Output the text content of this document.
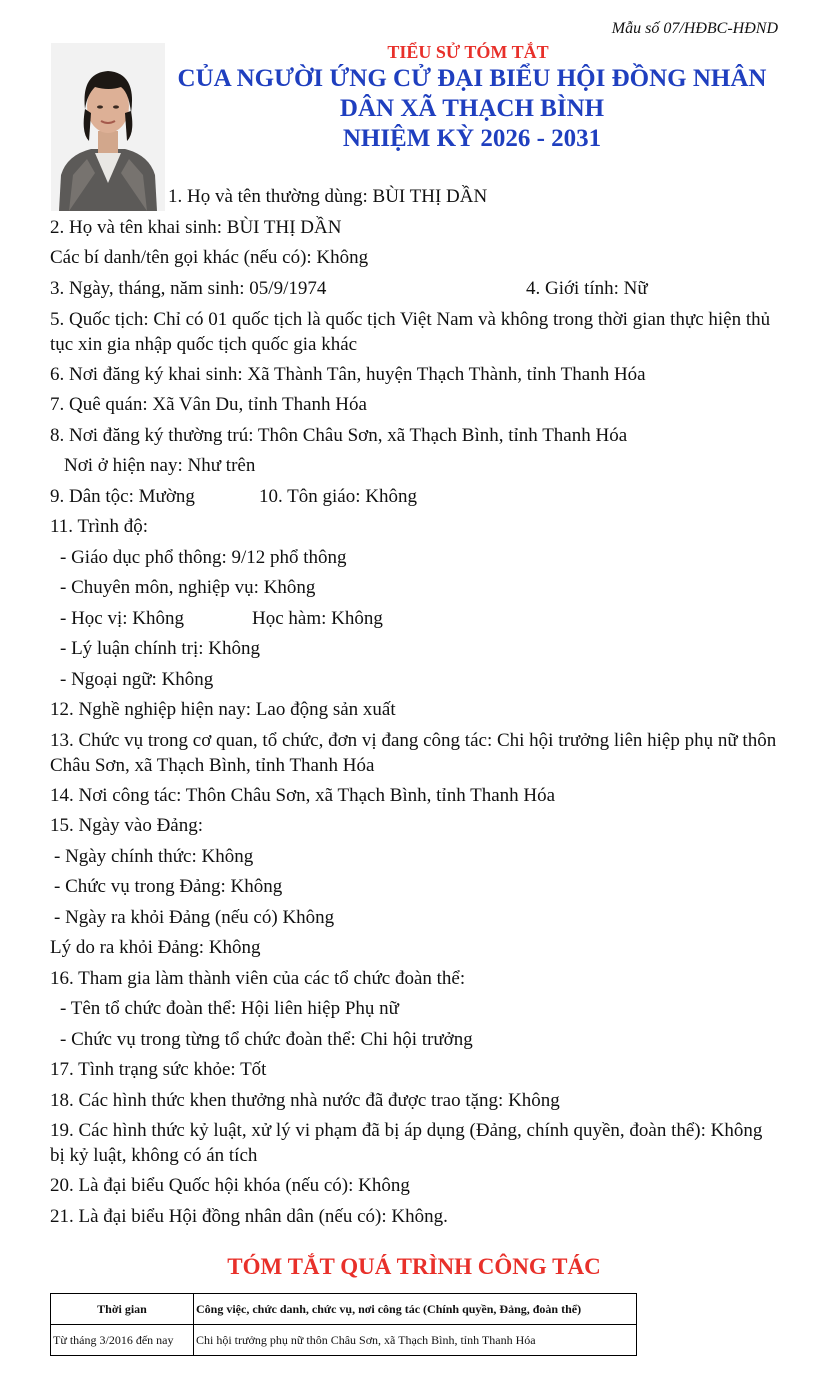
Mẫu số 07/HĐBC-HĐND
TIỂU SỬ TÓM TẮT
CỦA NGƯỜI ỨNG CỬ ĐẠI BIỂU HỘI ĐỒNG NHÂN
DÂN XÃ THẠCH BÌNH
NHIỆM KỲ 2026 - 2031
1. Họ và tên thường dùng: BÙI THỊ DẦN
2. Họ và tên khai sinh: BÙI THỊ DẦN
Các bí danh/tên gọi khác (nếu có): Không
3. Ngày, tháng, năm sinh: 05/9/1974	4. Giới tính: Nữ
5. Quốc tịch: Chỉ có 01 quốc tịch là quốc tịch Việt Nam và không trong thời gian thực hiện thủ tục xin gia nhập quốc tịch quốc gia khác
6. Nơi đăng ký khai sinh: Xã Thành Tân, huyện Thạch Thành, tỉnh Thanh Hóa
7. Quê quán: Xã Vân Du, tỉnh Thanh Hóa
8. Nơi đăng ký thường trú: Thôn Châu Sơn, xã Thạch Bình, tỉnh Thanh Hóa
Nơi ở hiện nay: Như trên
9. Dân tộc: Mường	10. Tôn giáo: Không
11. Trình độ:
- Giáo dục phổ thông: 9/12 phổ thông
- Chuyên môn, nghiệp vụ: Không
- Học vị: Không	Học hàm: Không
- Lý luận chính trị: Không
- Ngoại ngữ: Không
12. Nghề nghiệp hiện nay: Lao động sản xuất
13. Chức vụ trong cơ quan, tổ chức, đơn vị đang công tác: Chi hội trưởng liên hiệp phụ nữ thôn Châu Sơn, xã Thạch Bình, tỉnh Thanh Hóa
14. Nơi công tác: Thôn Châu Sơn, xã Thạch Bình, tỉnh Thanh Hóa
15. Ngày vào Đảng:
- Ngày chính thức: Không
- Chức vụ trong Đảng: Không
- Ngày ra khỏi Đảng (nếu có) Không
Lý do ra khỏi Đảng: Không
16. Tham gia làm thành viên của các tổ chức đoàn thể:
- Tên tổ chức đoàn thể: Hội liên hiệp Phụ nữ
- Chức vụ trong từng tổ chức đoàn thể: Chi hội trưởng
17. Tình trạng sức khỏe: Tốt
18. Các hình thức khen thưởng nhà nước đã được trao tặng: Không
19. Các hình thức kỷ luật, xử lý vi phạm đã bị áp dụng (Đảng, chính quyền, đoàn thể): Không bị kỷ luật, không có án tích
20. Là đại biểu Quốc hội khóa (nếu có): Không
21. Là đại biểu Hội đồng nhân dân (nếu có): Không.
TÓM TẮT QUÁ TRÌNH CÔNG TÁC
Thời gian	Công việc, chức danh, chức vụ, nơi công tác (Chính quyền, Đảng, đoàn thể)
Từ tháng 3/2016 đến nay	Chi hội trưởng phụ nữ thôn Châu Sơn, xã Thạch Bình, tỉnh Thanh Hóa
